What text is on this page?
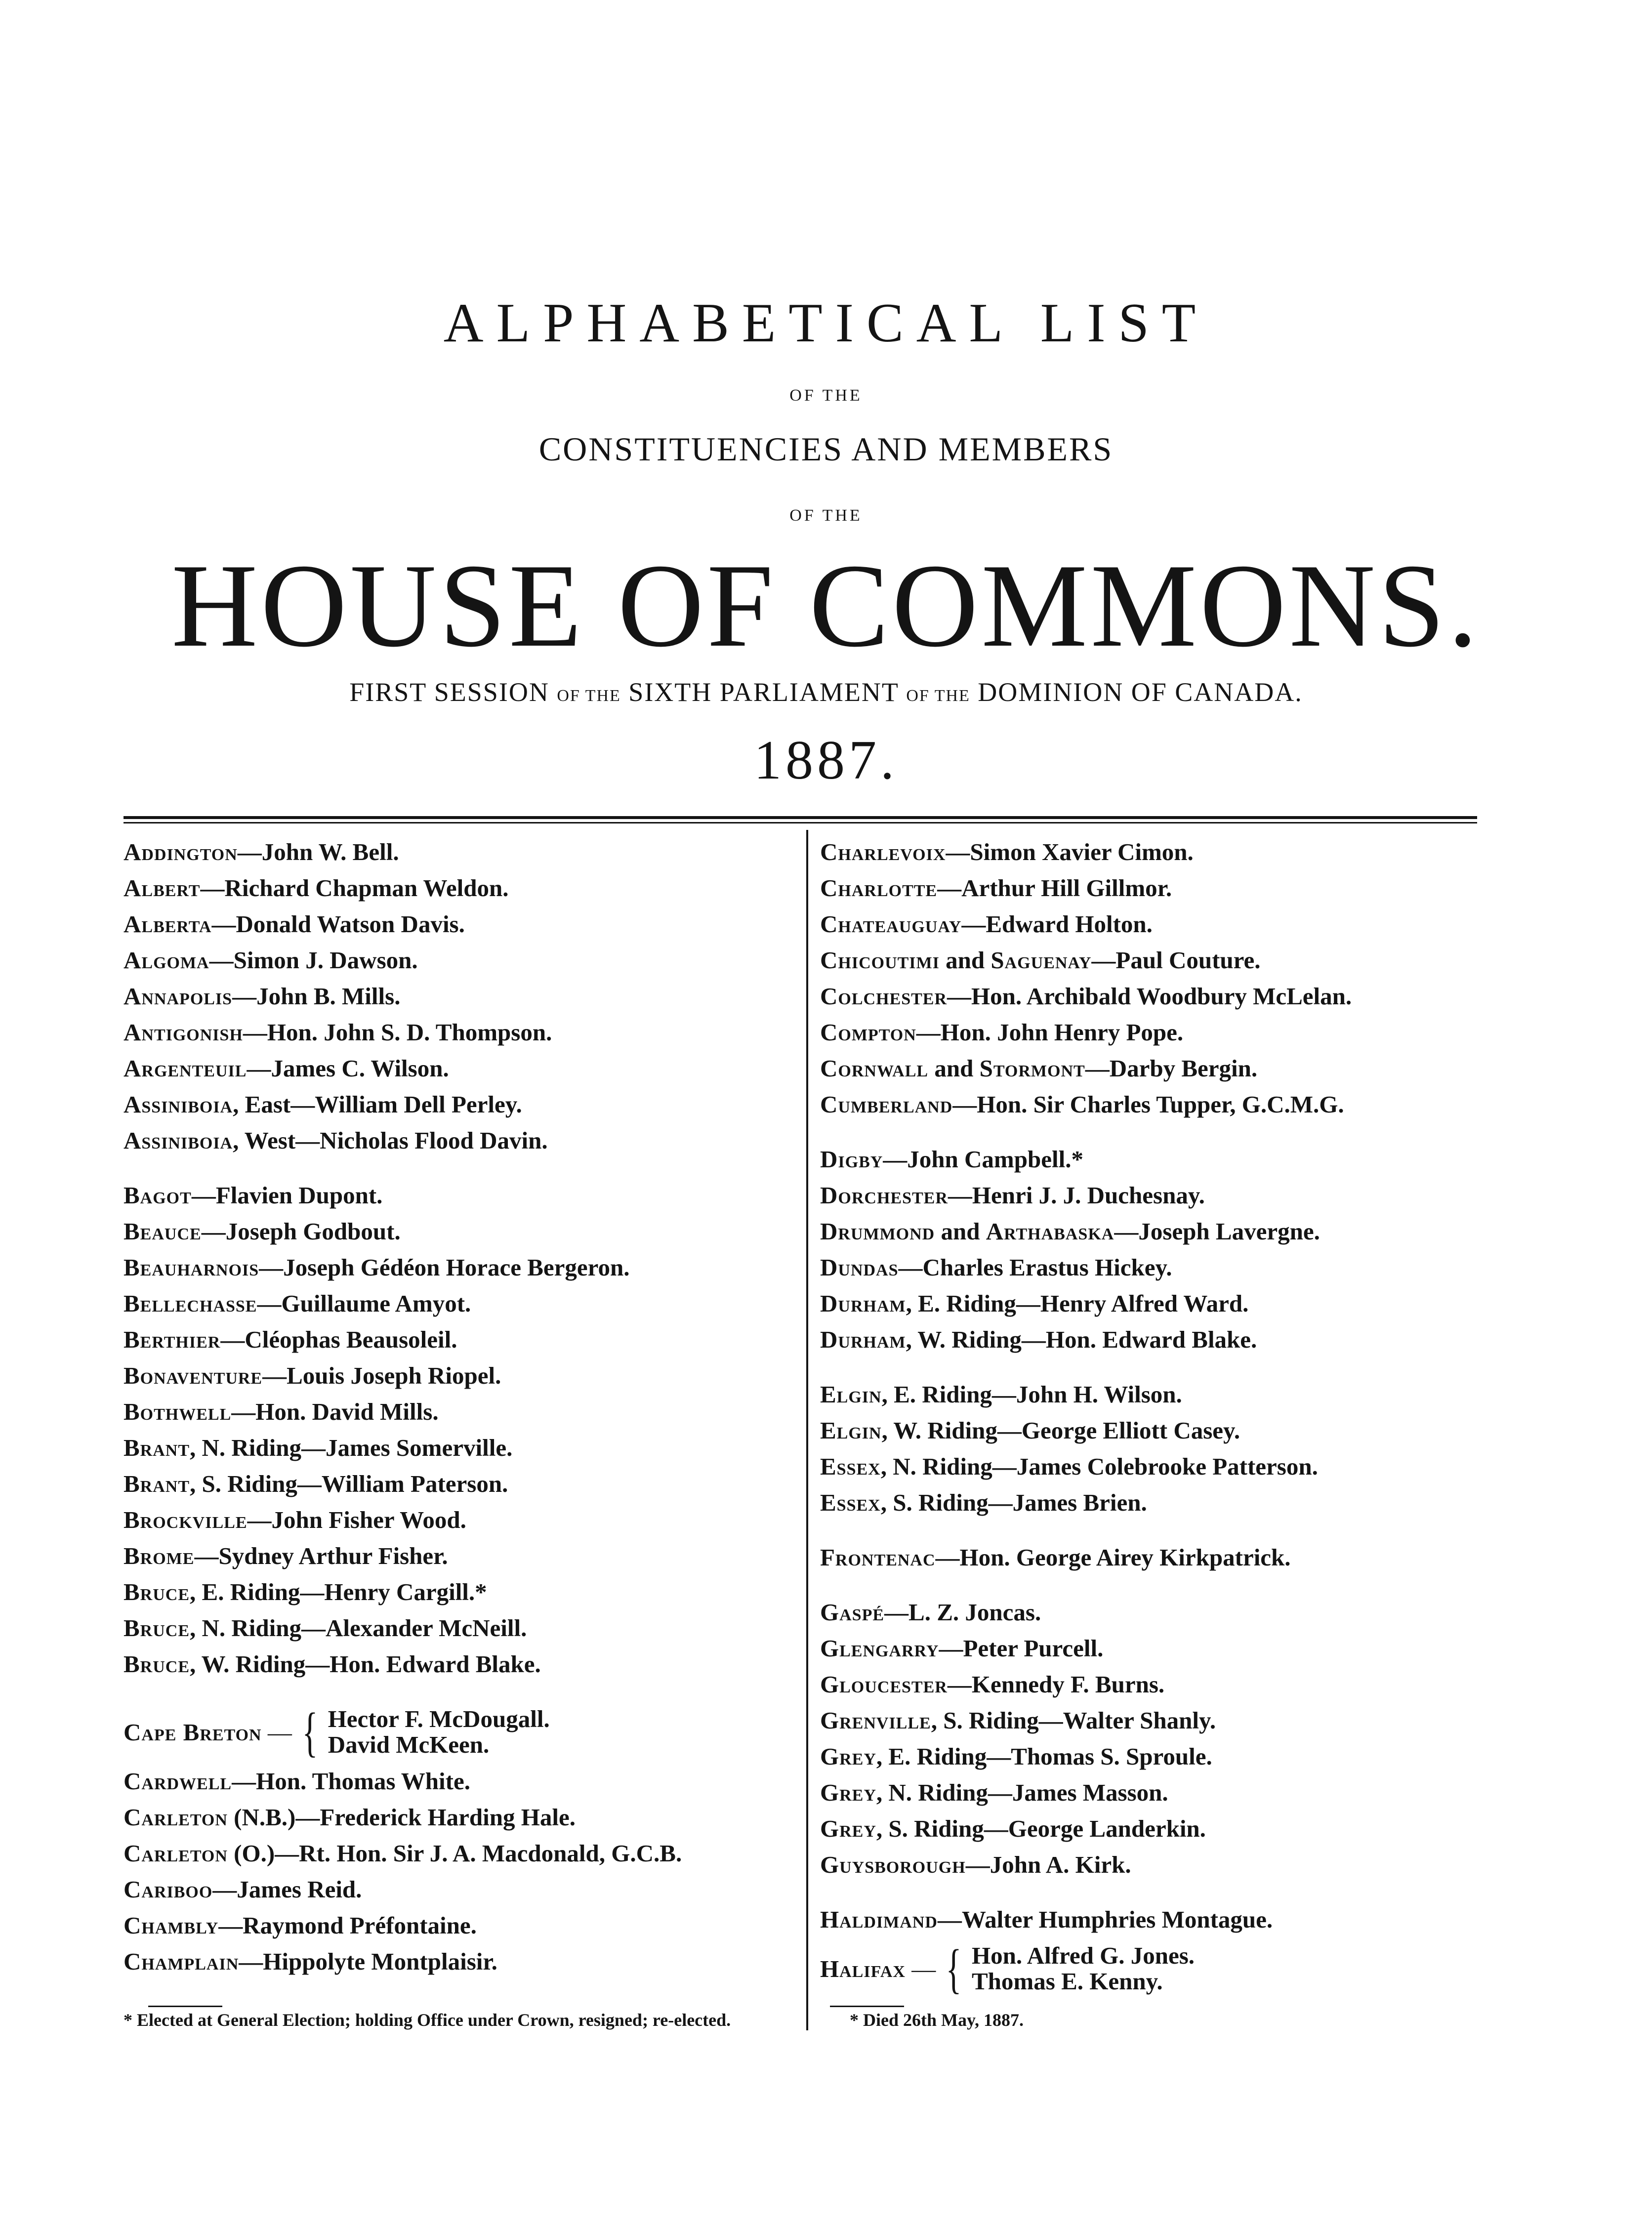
ALPHABETICAL LIST
OF THE
CONSTITUENCIES AND MEMBERS
OF THE
HOUSE OF COMMONS.
FIRST SESSION OF THE SIXTH PARLIAMENT OF THE DOMINION OF CANADA.
1887.
Addington—John W. Bell.
Albert—Richard Chapman Weldon.
Alberta—Donald Watson Davis.
Algoma—Simon J. Dawson.
Annapolis—John B. Mills.
Antigonish—Hon. John S. D. Thompson.
Argenteuil—James C. Wilson.
Assiniboia, East—William Dell Perley.
Assiniboia, West—Nicholas Flood Davin.
Bagot—Flavien Dupont.
Beauce—Joseph Godbout.
Beauharnois—Joseph Gédéon Horace Bergeron.
Bellechasse—Guillaume Amyot.
Berthier—Cléophas Beausoleil.
Bonaventure—Louis Joseph Riopel.
Bothwell—Hon. David Mills.
Brant, N. Riding—James Somerville.
Brant, S. Riding—William Paterson.
Brockville—John Fisher Wood.
Brome—Sydney Arthur Fisher.
Bruce, E. Riding—Henry Cargill.*
Bruce, N. Riding—Alexander McNeill.
Bruce, W. Riding—Hon. Edward Blake.
Cape Breton — { Hector F. McDougall.
David McKeen.
Cardwell—Hon. Thomas White.
Carleton (N.B.)—Frederick Harding Hale.
Carleton (O.)—Rt. Hon. Sir J. A. Macdonald, G.C.B.
Cariboo—James Reid.
Chambly—Raymond Préfontaine.
Champlain—Hippolyte Montplaisir.
Charlevoix—Simon Xavier Cimon.
Charlotte—Arthur Hill Gillmor.
Chateauguay—Edward Holton.
Chicoutimi and Saguenay—Paul Couture.
Colchester—Hon. Archibald Woodbury McLelan.
Compton—Hon. John Henry Pope.
Cornwall and Stormont—Darby Bergin.
Cumberland—Hon. Sir Charles Tupper, G.C.M.G.
Digby—John Campbell.*
Dorchester—Henri J. J. Duchesnay.
Drummond and Arthabaska—Joseph Lavergne.
Dundas—Charles Erastus Hickey.
Durham, E. Riding—Henry Alfred Ward.
Durham, W. Riding—Hon. Edward Blake.
Elgin, E. Riding—John H. Wilson.
Elgin, W. Riding—George Elliott Casey.
Essex, N. Riding—James Colebrooke Patterson.
Essex, S. Riding—James Brien.
Frontenac—Hon. George Airey Kirkpatrick.
Gaspé—L. Z. Joncas.
Glengarry—Peter Purcell.
Gloucester—Kennedy F. Burns.
Grenville, S. Riding—Walter Shanly.
Grey, E. Riding—Thomas S. Sproule.
Grey, N. Riding—James Masson.
Grey, S. Riding—George Landerkin.
Guysborough—John A. Kirk.
Haldimand—Walter Humphries Montague.
Halifax — { Hon. Alfred G. Jones.
Thomas E. Kenny.
* Elected at General Election; holding Office under Crown, resigned; re-elected.	* Died 26th May, 1887.
